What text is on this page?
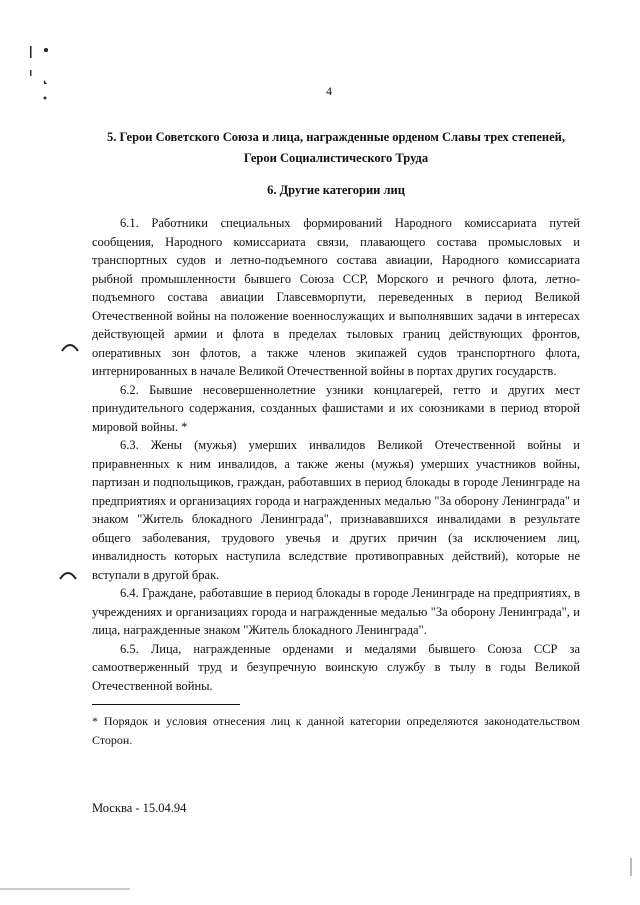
4
5. Герои Советского Союза и лица, награжденные орденом Славы трех степеней, Герои Социалистического Труда
6. Другие категории лиц

6.1. Работники специальных формирований Народного комиссариата путей сообщения, Народного комиссариата связи, плавающего состава промысловых и транспортных судов и летно-подъемного состава авиации, Народного комиссариата рыбной промышленности бывшего Союза ССР, Морского и речного флота, летно-подъемного состава авиации Главсевморпути, переведенных в период Великой Отечественной войны на положение военнослужащих и выполнявших задачи в интересах действующей армии и флота в пределах тыловых границ действующих фронтов, оперативных зон флотов, а также членов экипажей судов транспортного флота, интернированных в начале Великой Отечественной войны в портах других государств.

6.2. Бывшие несовершеннолетние узники концлагерей, гетто и других мест принудительного содержания, созданных фашистами и их союзниками в период второй мировой войны. *

6.3. Жены (мужья) умерших инвалидов Великой Отечественной войны и приравненных к ним инвалидов, а также жены (мужья) умерших участников войны, партизан и подпольщиков, граждан, работавших в период блокады в городе Ленинграде на предприятиях и организациях города и награжденных медалью "За оборону Ленинграда" и знаком "Житель блокадного Ленинграда", признававшихся инвалидами в результате общего заболевания, трудового увечья и других причин (за исключением лиц, инвалидность которых наступила вследствие противоправных действий), которые не вступали в другой брак.

6.4. Граждане, работавшие в период блокады в городе Ленинграде на предприятиях, в учреждениях и организациях города и награжденные медалью "За оборону Ленинграда", и лица, награжденные знаком "Житель блокадного Ленинграда".

6.5. Лица, награжденные орденами и медалями бывшего Союза ССР за самоотверженный труд и безупречную воинскую службу в тылу в годы Великой Отечественной войны.

* Порядок и условия отнесения лиц к данной категории определяются законодательством Сторон.
Москва - 15.04.94
